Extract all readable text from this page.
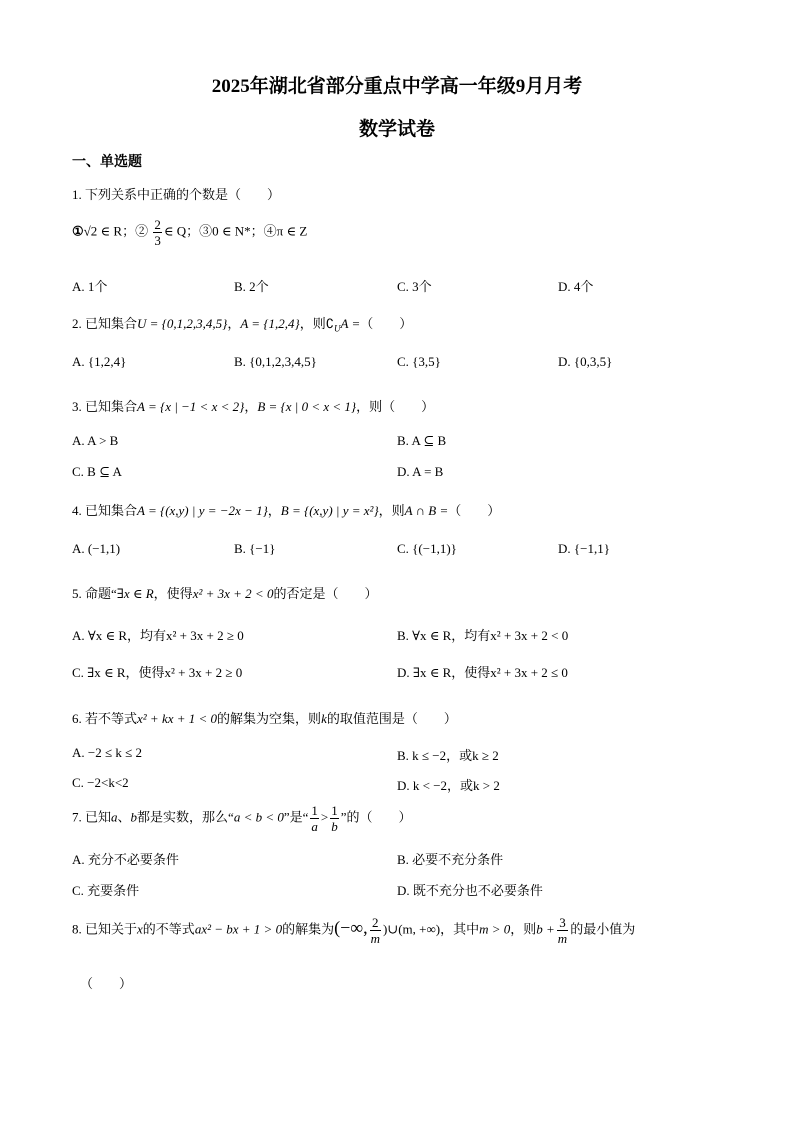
2025年湖北省部分重点中学高一年级9月月考
数学试卷
一、单选题
1. 下列关系中正确的个数是（　　）
①√2 ∈ R；② $\frac{2}{3}$ ∈ Q；③0 ∈ N*；④π ∈ Z
A. 1个	B. 2个	C. 3个	D. 4个
2. 已知集合U = {0,1,2,3,4,5}，A = {1,2,4}，则$∁_UA$ =（　　）
A. {1,2,4}	B. {0,1,2,3,4,5}	C. {3,5}	D. {0,3,5}
3. 已知集合A = {x | −1 < x < 2}，B = {x | 0 < x < 1}，则（　　）
A. A > B	B. A ⊆ B
C. B ⊆ A	D. A = B
4. 已知集合A = {(x,y) | y = −2x − 1}，B = {(x,y) | y = x²}，则A ∩ B =（　　）
A. (−1,1)	B. {−1}	C. {(−1,1)}	D. {−1,1}
5. 命题“∃x ∈ R，使得x² + 3x + 2 < 0的否定是（　　）
A. ∀x ∈ R，均有x² + 3x + 2 ≥ 0	B. ∀x ∈ R，均有x² + 3x + 2 < 0
C. ∃x ∈ R，使得x² + 3x + 2 ≥ 0	D. ∃x ∈ R，使得x² + 3x + 2 ≤ 0
6. 若不等式x² + kx + 1 < 0的解集为空集，则k的取值范围是（　　）
A. −2 ≤ k ≤ 2	B. k ≤ −2，或k ≥ 2
C. −2<k<2	D. k < −2，或k > 2
7. 已知a、b都是实数，那么“a < b < 0”是“ $\frac{1}{a} > \frac{1}{b}$ ”的（　　）
A. 充分不必要条件	B. 必要不充分条件
C. 充要条件	D. 既不充分也不必要条件
8. 已知关于x的不等式ax² − bx + 1 > 0的解集为(−∞, $\frac{2}{m}$ )∪(m, +∞)，其中m > 0，则$b + \frac{3}{m}$ 的最小值为
（　　）
